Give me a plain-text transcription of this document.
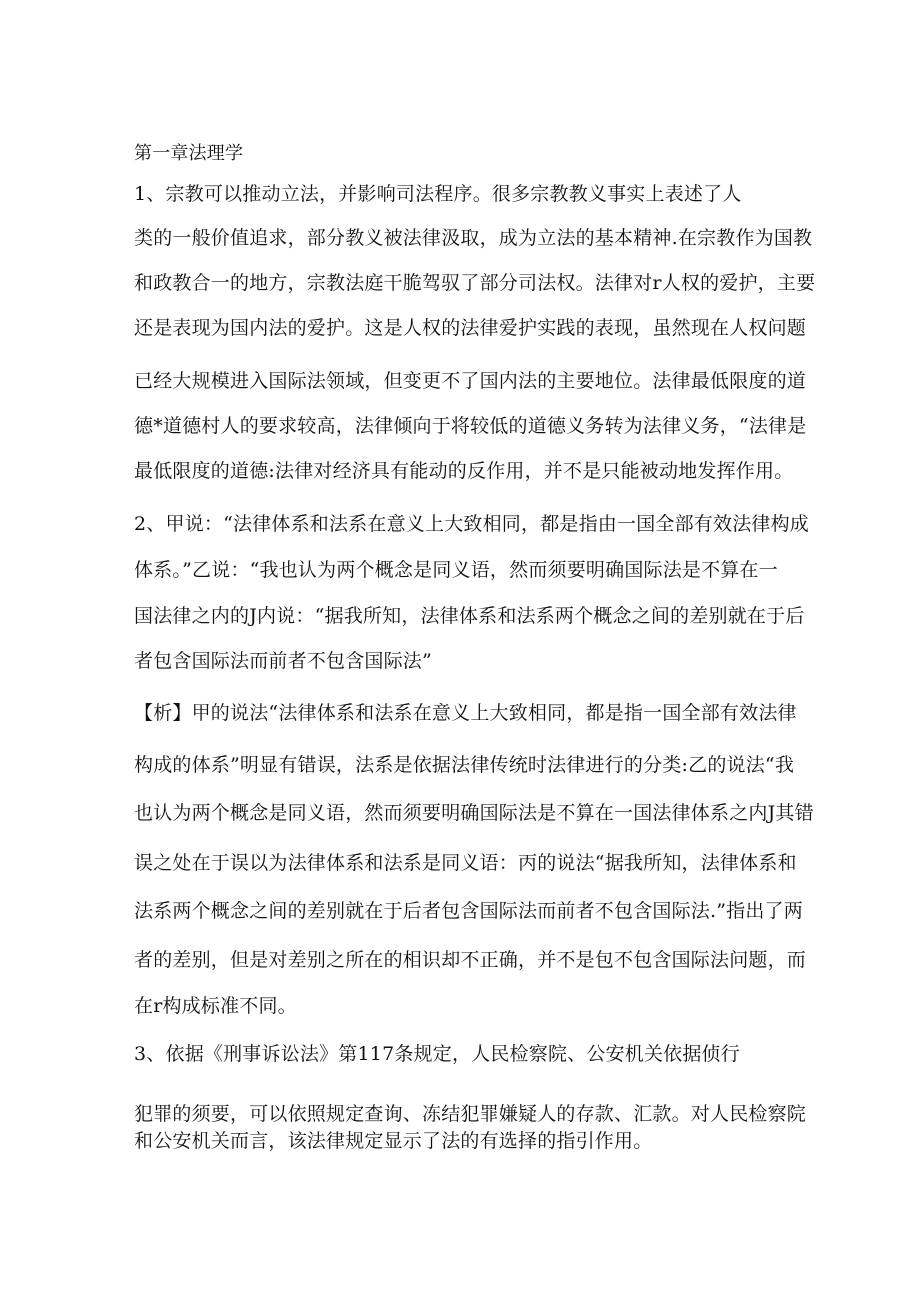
第一章法理学
1、宗教可以推动立法，并影响司法程序。很多宗教教义事实上表述了人
类的一般价值追求，部分教义被法律汲取，成为立法的基本精神.在宗教作为国教
和政教合一的地方，宗教法庭干脆驾驭了部分司法权。法律对r人权的爱护，主要
还是表现为国内法的爱护。这是人权的法律爱护实践的表现，虽然现在人权问题
已经大规模进入国际法领域，但变更不了国内法的主要地位。法律最低限度的道
德*道德村人的要求较高，法律倾向于将较低的道德义务转为法律义务，“法律是
最低限度的道德:法律对经济具有能动的反作用，并不是只能被动地发挥作用。
2、甲说：“法律体系和法系在意义上大致相同，都是指由一国全部有效法律构成
体系。”乙说：“我也认为两个概念是同义语，然而须要明确国际法是不算在一
国法律之内的J内说：“据我所知，法律体系和法系两个概念之间的差别就在于后
者包含国际法而前者不包含国际法”
【析】甲的说法“法律体系和法系在意义上大致相同，都是指一国全部有效法律
构成的体系”明显有错误，法系是依据法律传统时法律进行的分类:乙的说法“我
也认为两个概念是同义语，然而须要明确国际法是不算在一国法律体系之内J其错
误之处在于误以为法律体系和法系是同义语：丙的说法“据我所知，法律体系和
法系两个概念之间的差别就在于后者包含国际法而前者不包含国际法.”指出了两
者的差别，但是对差别之所在的相识却不正确，并不是包不包含国际法问题，而
在r构成标准不同。
3、依据《刑事诉讼法》第117条规定，人民检察院、公安机关依据侦行
犯罪的须要，可以依照规定查询、冻结犯罪嫌疑人的存款、汇款。对人民检察院
和公安机关而言，该法律规定显示了法的有选择的指引作用。
